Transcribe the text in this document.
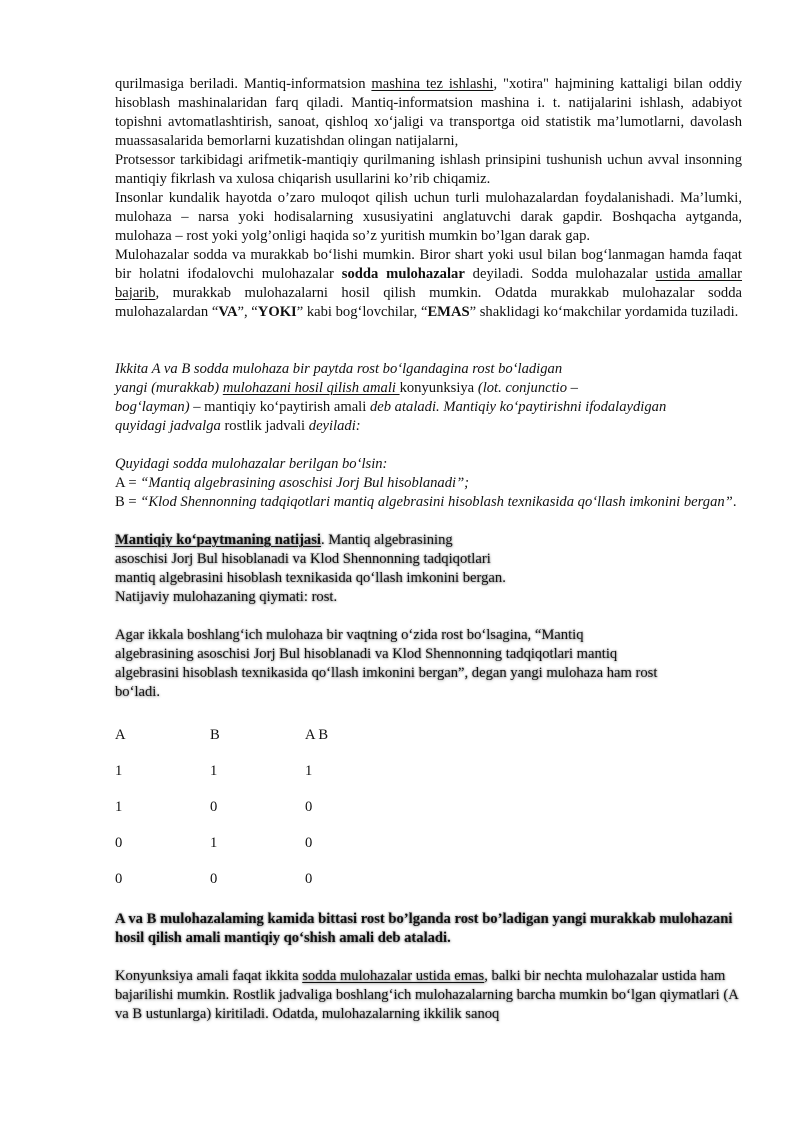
qurilmasiga beriladi. Mantiq-informatsion mashina tez ishlashi, "xotira" hajmining kattaligi bilan oddiy hisoblash mashinalaridan farq qiladi. Mantiq-informatsion mashina i. t. natijalarini ishlash, adabiyot topishni avtomatlashtirish, sanoat, qishloq xo‘jaligi va transportga oid statistik ma’lumotlarni, davolash muassasalarida bemorlarni kuzatishdan olingan natijalarni,

Protsessor tarkibidagi arifmetik-mantiqiy qurilmaning ishlash prinsipini tushunish uchun avval insonning mantiqiy fikrlash va xulosa chiqarish usullarini ko’rib chiqamiz.

Insonlar kundalik hayotda o’zaro muloqot qilish uchun turli mulohazalardan foydalanishadi. Ma’lumki, mulohaza – narsa yoki hodisalarning xususiyatini anglatuvchi darak gapdir. Boshqacha aytganda, mulohaza – rost yoki yolg’onligi haqida so’z yuritish mumkin bo’lgan darak gap.

Mulohazalar sodda va murakkab bo‘lishi mumkin. Biror shart yoki usul bilan bog‘lanmagan hamda faqat bir holatni ifodalovchi mulohazalar sodda mulohazalar deyiladi. Sodda mulohazalar ustida amallar bajarib, murakkab mulohazalarni hosil qilish mumkin. Odatda murakkab mulohazalar sodda mulohazalardan “VA”, “YOKI” kabi bog‘lovchilar, “EMAS” shaklidagi ko‘makchilar yordamida tuziladi.

Ikkita A va B sodda mulohaza bir paytda rost bo‘lgandagina rost bo‘ladigan
yangi (murakkab) mulohazani hosil qilish amali konyunksiya (lot. conjunctio –
bog‘layman) – mantiqiy ko‘paytirish amali deb ataladi. Mantiqiy ko‘paytirishni ifodalaydigan
quyidagi jadvalga rostlik jadvali deyiladi:

Quyidagi sodda mulohazalar berilgan bo‘lsin:
A = “Mantiq algebrasining asoschisi Jorj Bul hisoblanadi”;
B = “Klod Shennonning tadqiqotlari mantiq algebrasini hisoblash texnikasida qo‘llash imkonini bergan”.

Mantiqiy ko‘paytmaning natijasi. Mantiq algebrasining
asoschisi Jorj Bul hisoblanadi va Klod Shennonning tadqiqotlari
mantiq algebrasini hisoblash texnikasida qo‘llash imkonini bergan.
Natijaviy mulohazaning qiymati: rost.

Agar ikkala boshlang‘ich mulohaza bir vaqtning o‘zida rost bo‘lsagina, “Mantiq
algebrasining asoschisi Jorj Bul hisoblanadi va Klod Shennonning tadqiqotlari mantiq
algebrasini hisoblash texnikasida qo‘llash imkonini bergan”, degan yangi mulohaza ham rost
bo‘ladi.

A	B	A B
1	1	1
1	0	0
0	1	0
0	0	0

A va B mulohazalaming kamida bittasi rost bo’lganda rost bo’ladigan yangi murakkab mulohazani hosil qilish amali mantiqiy qo‘shish amali deb ataladi.

Konyunksiya amali faqat ikkita sodda mulohazalar ustida emas, balki bir nechta mulohazalar ustida ham bajarilishi mumkin. Rostlik jadvaliga boshlang‘ich mulohazalarning barcha mumkin bo‘lgan qiymatlari (A va B ustunlarga) kiritiladi. Odatda, mulohazalarning ikkilik sanoq
